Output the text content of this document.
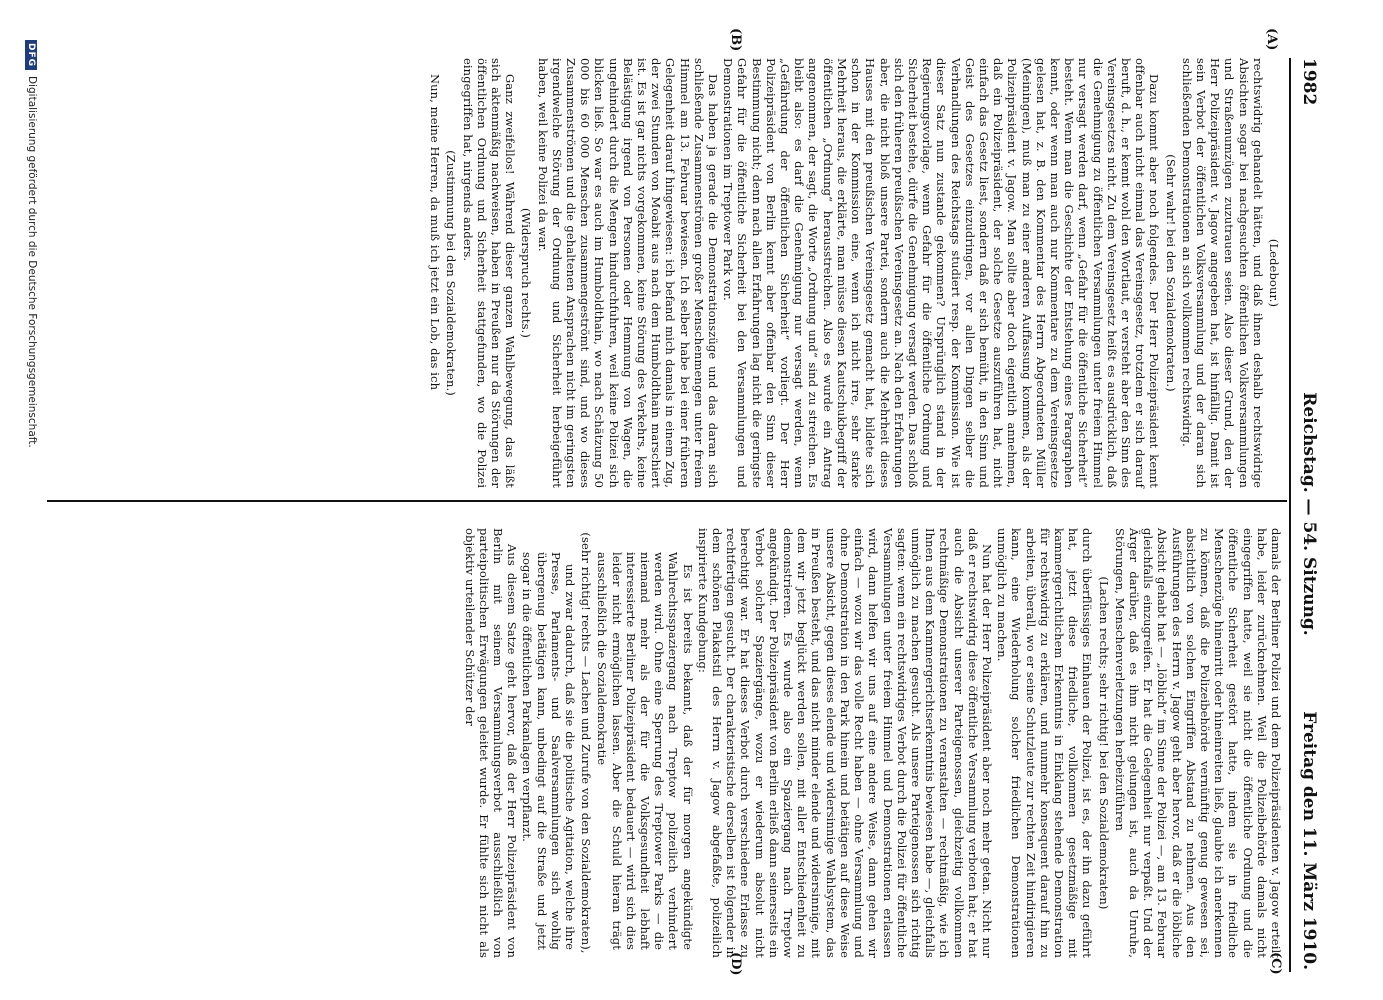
1982
Reichstag. — 54. Sitzung.
Freitag den 11. März 1910.
(A)
(B)
(C)
(D)

(Ledebour.)

rechtswidrig gehandelt hätten, und daß ihnen deshalb rechtswidrige Absichten sogar bei nachgesuchten öffentlichen Volksversammlungen und Straßenumzügen zuzutrauen seien. Also dieser Grund, den der Herr Polizeipräsident v. Jagow angegeben hat, ist hinfällig. Damit ist sein Verbot der öffentlichen Volksversammlung und der daran sich schließenden Demonstrationen an sich vollkommen rechtswidrig.

(Sehr wahr! bei den Sozialdemokraten.)

Dazu kommt aber noch folgendes. Der Herr Polizeipräsident kennt offenbar auch nicht einmal das Vereinsgesetz, trotzdem er sich darauf beruft, d. h., er kennt wohl den Wortlaut, er versteht aber den Sinn des Vereinsgesetzes nicht. Zu dem Vereinsgesetz heißt es ausdrücklich, daß die Genehmigung zu öffentlichen Versammlungen unter freiem Himmel nur versagt werden darf, wenn „Gefahr für die öffentliche Sicherheit“ besteht. Wenn man die Geschichte der Entstehung eines Paragraphen kennt, oder wenn man auch nur Kommentare zu dem Vereinsgesetze gelesen hat, z. B. den Kommentar des Herrn Abgeordneten Müller (Meiningen), muß man zu einer anderen Auffassung kommen, als der Polizeipräsident v. Jagow. Man sollte aber doch eigentlich annehmen, daß ein Polizeipräsident, der solche Gesetze auszuführen hat, nicht einfach das Gesetz liest, sondern daß er sich bemüht, in den Sinn und Geist des Gesetzes einzudringen, vor allen Dingen selber die Verhandlungen des Reichstags studiert resp. der Kommission. Wie ist dieser Satz nun zustande gekommen? Ursprünglich stand in der Regierungsvorlage, wenn Gefahr für die öffentliche Ordnung und Sicherheit bestehe, dürfe die Genehmigung versagt werden. Das schloß sich den früheren preußischen Vereinsgesetz an. Nach den Erfahrungen aber, die nicht bloß unsere Partei, sondern auch die Mehrheit dieses Hauses mit den preußischen Vereinsgesetz gemacht hat, bildete sich schon in der Kommission eine, wenn ich nicht irre, sehr starke Mehrheit heraus, die erklärte, man müsse diesen Kautschukbegriff der öffentlichen „Ordnung“ herausstreichen. Also es wurde ein Antrag angenommen, der sagt, die Worte „Ordnung und“ sind zu streichen. Es bleibt also: es darf die Genehmigung nur versagt werden, wenn „Gefährdung der öffentlichen Sicherheit“ vorliegt. Der Herr Polizeipräsident von Berlin kennt aber offenbar den Sinn dieser Bestimmung nicht; denn nach allen Erfahrungen lag nicht die geringste Gefahr für die öffentliche Sicherheit bei den Versammlungen und Demonstrationen im Treptower Park vor.

Das haben ja gerade die Demonstrationszüge und das daran sich schließende Zusammenströmen großer Menschenmengen unter freiem Himmel am 13. Februar bewiesen. Ich selber habe bei einer früheren Gelegenheit darauf hingewiesen: ich befand mich damals in einem Zug, der zwei Stunden von Moabit aus nach dem Humboldthain marschiert ist. Es ist gar nichts vorgekommen, keine Störung des Verkehrs, keine Belästigung irgend von Personen oder Hemmung von Wagen, die ungehindert durch die Mengen hindurchfuhren, weil keine Polizei sich blicken ließ. So war es auch im Humboldthain, wo nach Schätzung 50 000 bis 60 000 Menschen zusammengeströmt sind, und wo dieses Zusammenströmen und die gehaltenen Ansprachen nicht im geringsten irgendwelche Störung der Ordnung und Sicherheit herbeigeführt haben, weil keine Polizei da war.

(Widerspruch rechts.)

Ganz zweifellos! Während dieser ganzen Wahlbewegung, das läßt sich aktenmäßig nachweisen, haben in Preußen nur da Störungen der öffentlichen Ordnung und Sicherheit stattgefunden, wo die Polizei eingegriffen hat, nirgends anders.

(Zustimmung bei den Sozialdemokraten.)

Nun, meine Herren, da muß ich jetzt ein Lob, das ich

damals der Berliner Polizei und dem Polizeipräsidenten v. Jagow erteilt habe, leider zurücknehmen. Weil die Polizeibehörde damals nicht eingegriffen hatte, weil sie nicht die öffentliche Ordnung und die öffentliche Sicherheit gestört hatte, indem sie in friedliche Menschenzüge hineinritt oder hineinreiten ließ, glaubte ich anerkennen zu können, daß die Polizeibehörde vernünftig genug gewesen sei, absichtlich von solchen Eingriffen Abstand zu nehmen. Aus den Ausführungen des Herrn v. Jagow geht aber hervor, daß er die löbliche Absicht gehabt hat — „löblich“ im Sinne der Polizei —, am 13. Februar gleichfalls einzugreifen. Er hat die Gelegenheit nur verpaßt. Und der Ärger darüber, daß es ihm nicht gelungen ist, auch da Unruhe, Störungen, Menschenverletzungen herbeizuführen

(Lachen rechts; sehr richtig! bei den Sozialdemokraten)

durch überflüssiges Einhauen der Polizei, ist es, der ihn dazu geführt hat, jetzt diese friedliche, vollkommen gesetzmäßige mit kammergerichtlichem Erkenntnis in Einklang stehende Demonstration für rechtswidrig zu erklären, und nunmehr konsequent darauf hin zu arbeiten, überall, wo er seine Schutzleute zur rechten Zeit hindirigieren kann, eine Wiederholung solcher friedlichen Demonstrationen unmöglich zu machen.

Nun hat der Herr Polizeipräsident aber noch mehr getan. Nicht nur daß er rechtswidrig diese öffentliche Versammlung verboten hat; er hat auch die Absicht unserer Parteigenossen, gleichzeitig vollkommen rechtmäßige Demonstrationen zu veranstalten — rechtmäßig, wie ich Ihnen aus dem Kammergerichtserkenntnis bewiesen habe —, gleichfalls unmöglich zu machen gesucht. Als unsere Parteigenossen sich richtig sagten: wenn ein rechtswidriges Verbot durch die Polizei für öffentliche Versammlungen unter freiem Himmel und Demonstrationen erlassen wird, dann helfen wir uns auf eine andere Weise, dann gehen wir einfach — wozu wir das volle Recht haben — ohne Versammlung und ohne Demonstration in den Park hinein und betätigen auf diese Weise unsere Absicht, gegen dieses elende und widersinnige Wahlsystem, das in Preußen besteht, und das nicht minder elende und widersinnige, mit dem wir jetzt beglückt werden sollen, mit aller Entschiedenheit zu demonstrieren. Es wurde also ein Spaziergang nach Treptow angekündigt. Der Polizeipräsident von Berlin erließ dann seinerseits ein Verbot solcher Spaziergänge, wozu er wiederum absolut nicht berechtigt war. Er hat dieses Verbot durch verschiedene Erlasse zu rechtfertigen gesucht. Der charakteristische derselben ist folgender in dem schönen Plakatstil des Herrn v. Jagow abgefaßte, polizeilich inspirierte Kundgebung:

Es ist bereits bekannt, daß der für morgen angekündigte Wahlrechtsspaziergang nach Treptow polizeilich verhindert werden wird. Ohne eine Sperrung des Treptower Parks — die niemand mehr als der für die Volksgesundheit lebhaft interessierte Berliner Polizeipräsident bedauert — wird sich dies leider nicht ermöglichen lassen. Aber die Schuld hieran trägt ausschließlich die Sozialdemokratie

(sehr richtig! rechts — Lachen und Zurufe von den Sozialdemokraten),

und zwar dadurch, daß sie die politische Agitation, welche ihre Presse, Parlaments- und Saalversammlungen sich wohlig übergenug betätigen kann, unbedingt auf die Straße und jetzt sogar in die öffentlichen Parkanlagen verpflanzt.

Aus diesem Satze geht hervor, daß der Herr Polizeipräsident von Berlin mit seinem Versammlungsverbot ausschließlich von parteipolitischen Erwägungen geleitet wurde. Er fühlte sich nicht als objektiv urteilender Schützer der

DFGDigitalisierung gefördert durch die Deutsche Forschungsgemeinschaft.
